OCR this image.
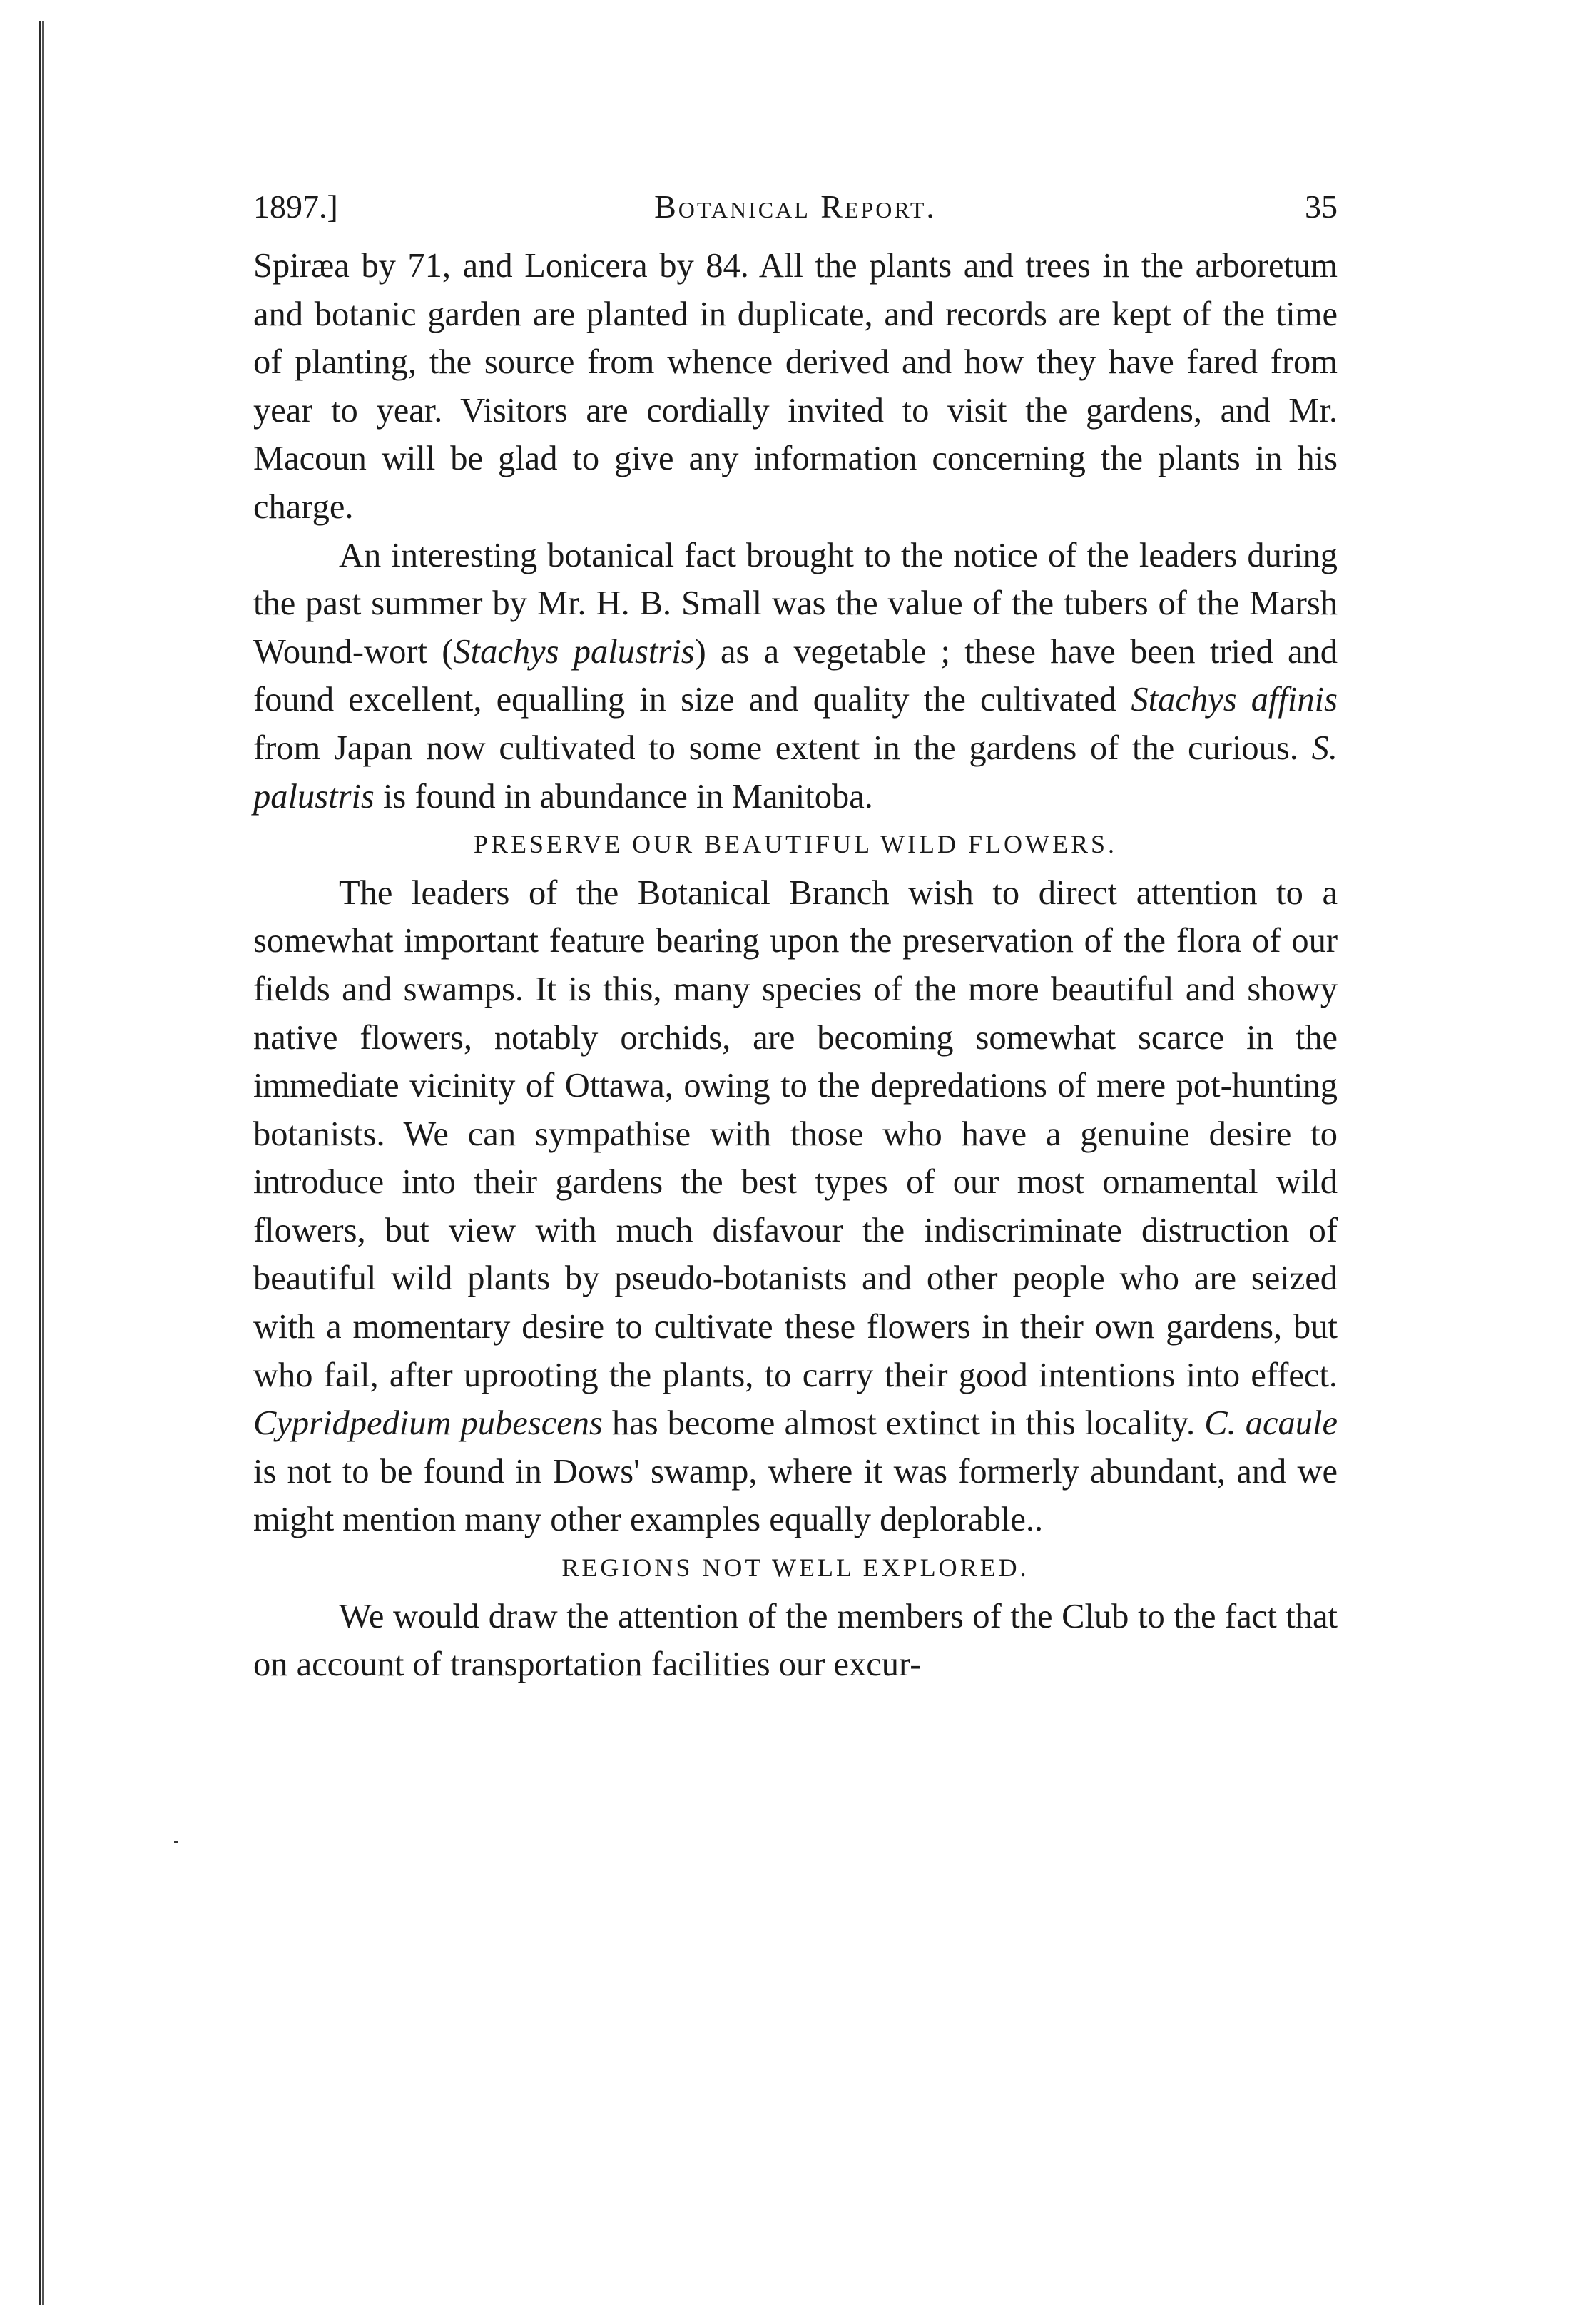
1897.]	Botanical Report.	35

Spiræa by 71, and Lonicera by 84. All the plants and trees in the arboretum and botanic garden are planted in duplicate, and records are kept of the time of planting, the source from whence derived and how they have fared from year to year. Visitors are cordially invited to visit the gardens, and Mr. Macoun will be glad to give any information concerning the plants in his charge.

An interesting botanical fact brought to the notice of the leaders during the past summer by Mr. H. B. Small was the value of the tubers of the Marsh Wound-wort (Stachys palustris) as a vegetable ; these have been tried and found excellent, equalling in size and quality the cultivated Stachys affinis from Japan now cultivated to some extent in the gardens of the curious. S. palustris is found in abundance in Manitoba.

PRESERVE OUR BEAUTIFUL WILD FLOWERS.

The leaders of the Botanical Branch wish to direct attention to a somewhat important feature bearing upon the preservation of the flora of our fields and swamps. It is this, many species of the more beautiful and showy native flowers, notably orchids, are becoming somewhat scarce in the immediate vicinity of Ottawa, owing to the depredations of mere pot-hunting botanists. We can sympathise with those who have a genuine desire to introduce into their gardens the best types of our most ornamental wild flowers, but view with much disfavour the indiscriminate distruction of beautiful wild plants by pseudo-botanists and other people who are seized with a momentary desire to cultivate these flowers in their own gardens, but who fail, after uprooting the plants, to carry their good intentions into effect. Cypridpedium pubescens has become almost extinct in this locality. C. acaule is not to be found in Dows' swamp, where it was formerly abundant, and we might mention many other examples equally deplorable..

REGIONS NOT WELL EXPLORED.

We would draw the attention of the members of the Club to the fact that on account of transportation facilities our excur-
